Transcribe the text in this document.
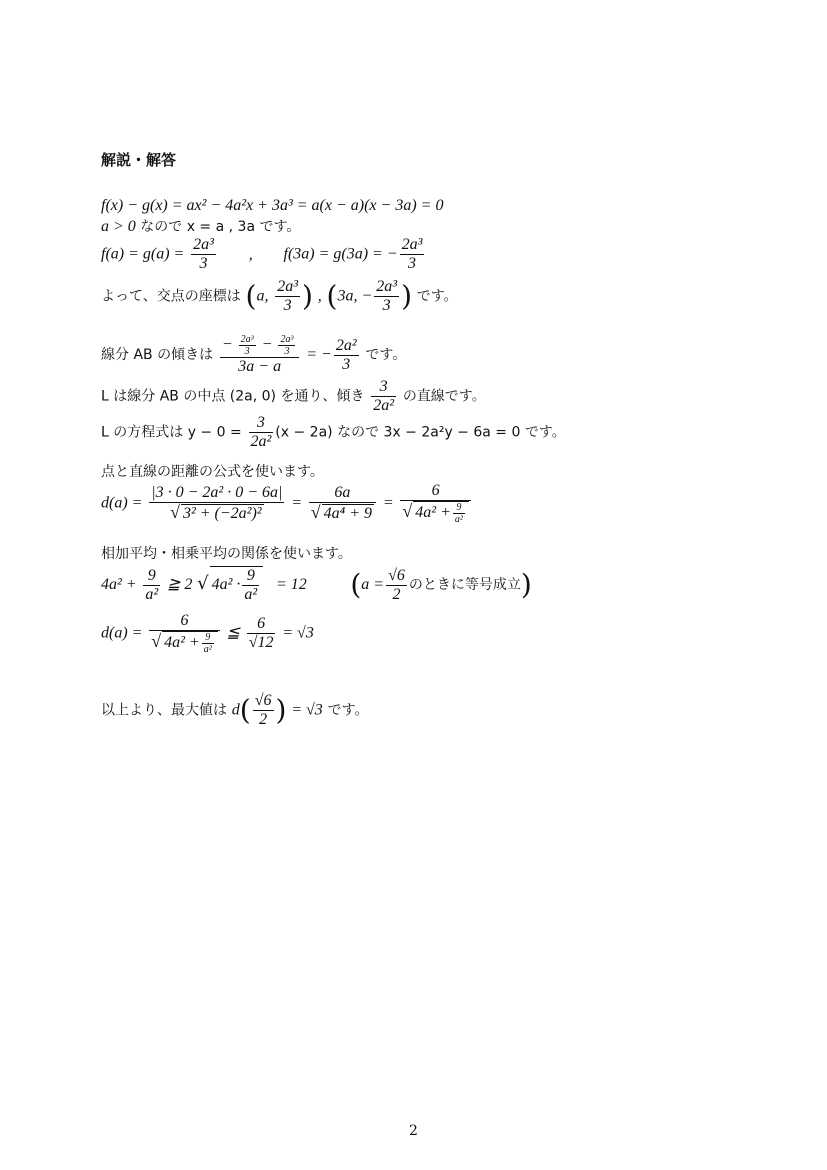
解説・解答
f(x) − g(x) = ax² − 4a²x + 3a³ = a(x − a)(x − 3a) = 0
a > 0 なので x = a , 3a です。
$f(a) = g(a) = \frac{\text{2a³}}{3}$ , f(3a) = g(3a) = − $\frac{\text{2a³}}{3}$
よって、交点の座標は (a, $\frac{\text{2a³}}{3}$ ) , (3a, − $\frac{\text{2a³}}{3}$ ) です。
線分 AB の傾きは $\frac{- \frac{\text{2a³}}{3} - \frac{\text{2a³}}{3}}{3a - a}$ = − $\frac{\text{2a²}}{3}$ です。
L は線分 AB の中点 (2a, 0) を通り、傾き $\frac{3}{\text{2a²}}$ の直線です。
L の方程式は $y - 0 = \frac{3}{\text{2a²}} (x - 2a)$ なので 3x − 2a²y − 6a = 0 です。
点と直線の距離の公式を使います。
$d(a) = \frac{\text{|3 · 0 − 2a² · 0 − 6a|}}{\text{√ 3² + (−2a²)²}} = \frac{6a}{\text{√ 4a⁴ + 9}} = \frac{6}{√ 4a^2 + \frac{9}{\text{a²}}}$
相加平均・相乗平均の関係を使います。
$4a^2 + \frac{9}{\text{a²}}$ ≧ 2 √ $4a^2 \cdot \frac{9}{\text{a²}} = 12$ ($a = \frac{√6}{2}$ のときに等号成立)
$d(a) = \frac{6}{√ 4a^2 + \frac{9}{\text{a²}}}$ ≦ $\frac{6}{√12} = √3$
以上より、最大値は $d( \frac{√6}{2}$ ) = √3 です。
2
